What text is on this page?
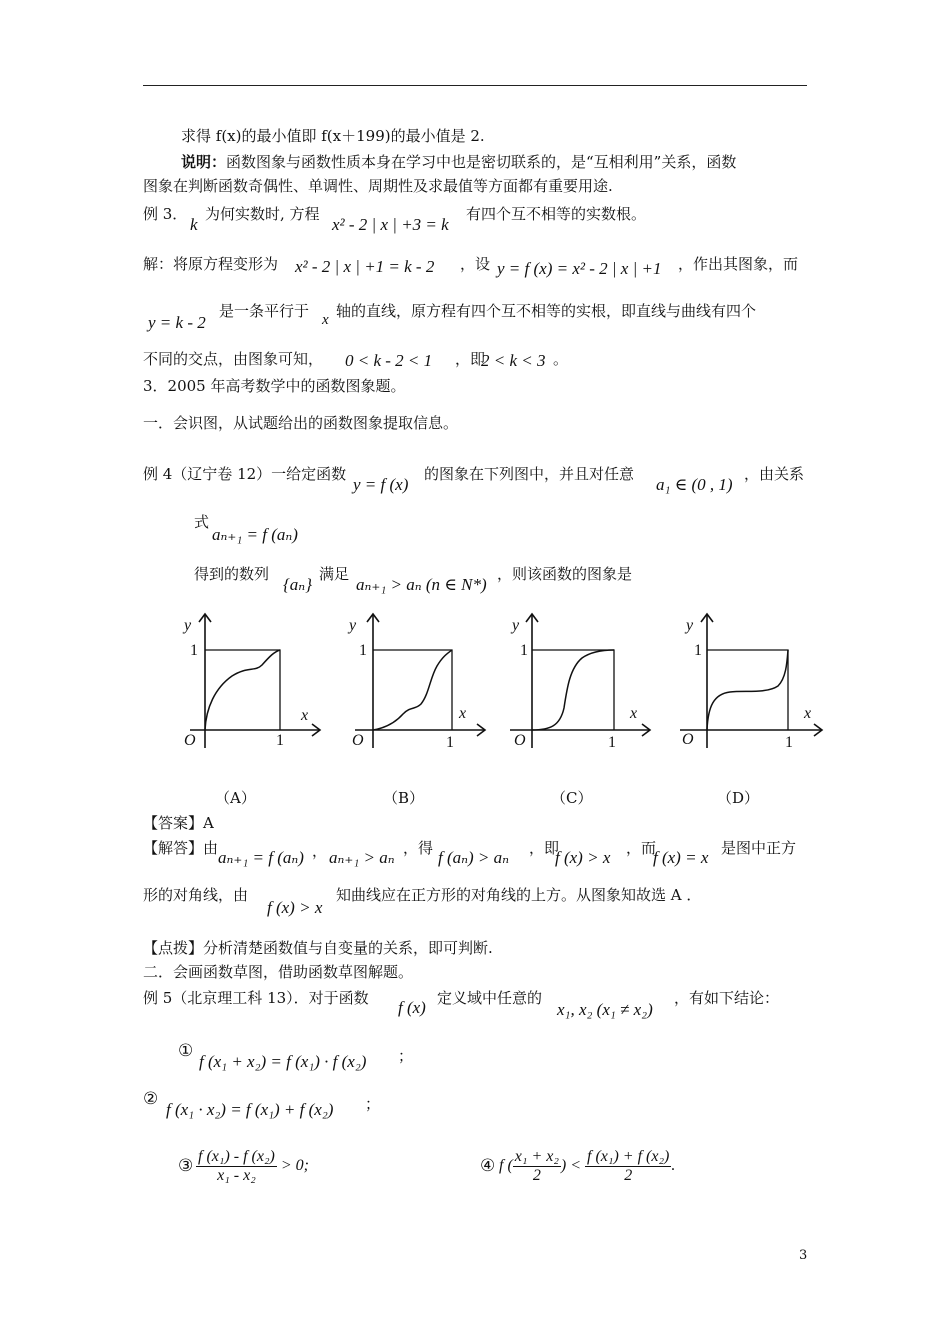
求得 f(x)的最小值即 f(x＋199)的最小值是 2.
说明：函数图象与函数性质本身在学习中也是密切联系的，是“互相利用”关系，函数
图象在判断函数奇偶性、单调性、周期性及求最值等方面都有重要用途.
例 3．
k
为何实数时, 方程
x² - 2 | x | +3 = k
有四个互不相等的实数根。
解：将原方程变形为 x² - 2 | x | +1 = k - 2 ，设 y = f (x) = x² - 2 | x | +1 ，作出其图象，而
y = k - 2
是一条平行于 x 轴的直线，原方程有四个互不相等的实根，即直线与曲线有四个
不同的交点，由图象可知， 0 < k - 2 < 1 ，即
2 < k < 3 。
3．2005 年高考数学中的函数图象题。
一．会识图，从试题给出的函数图象提取信息。
例 4（辽宁卷 12）一给定函数
y = f (x)
的图象在下列图中，并且对任意
a₁ ∈ (0 , 1)
，由关系
式
aₙ₊₁ = f (aₙ)
得到的数列
{aₙ}
满足
aₙ₊₁ > aₙ (n ∈ N*)
，则该函数的图象是
y
1
x
O	1
y
1
x
O	1
y
1
x
O	1
y
1
x
O	1
（A）	（B）	（C）	（D）
【答案】A
【解答】由 aₙ₊₁ = f (aₙ) ， aₙ₊₁ > aₙ ，得 f (aₙ) > aₙ ，即
f (x) > x ，而
f (x) = x 是图中正方
形的对角线，由
f (x) > x
知曲线应在正方形的对角线的上方。从图象知故选 A ．
【点拨】分析清楚函数值与自变量的关系，即可判断.
二．会画函数草图，借助函数草图解题。
例 5（北京理工科 13）．对于函数 f (x) 定义域中任意的
x₁, x₂ (x₁ ≠ x₂)
，有如下结论：
①
f (x₁ + x₂) = f (x₁) · f (x₂) ；
②
f (x₁ · x₂) = f (x₁) + f (x₂) ；
③ $\frac{\text{f (x₁) - f (x₂)}}{\text{x₁ - x₂}} > 0$;	④ f ( $\frac{\text{x₁ + x₂}}{2}$ ) < $\frac{\text{f (x₁) + f (x₂)}}{2}$ .
3
